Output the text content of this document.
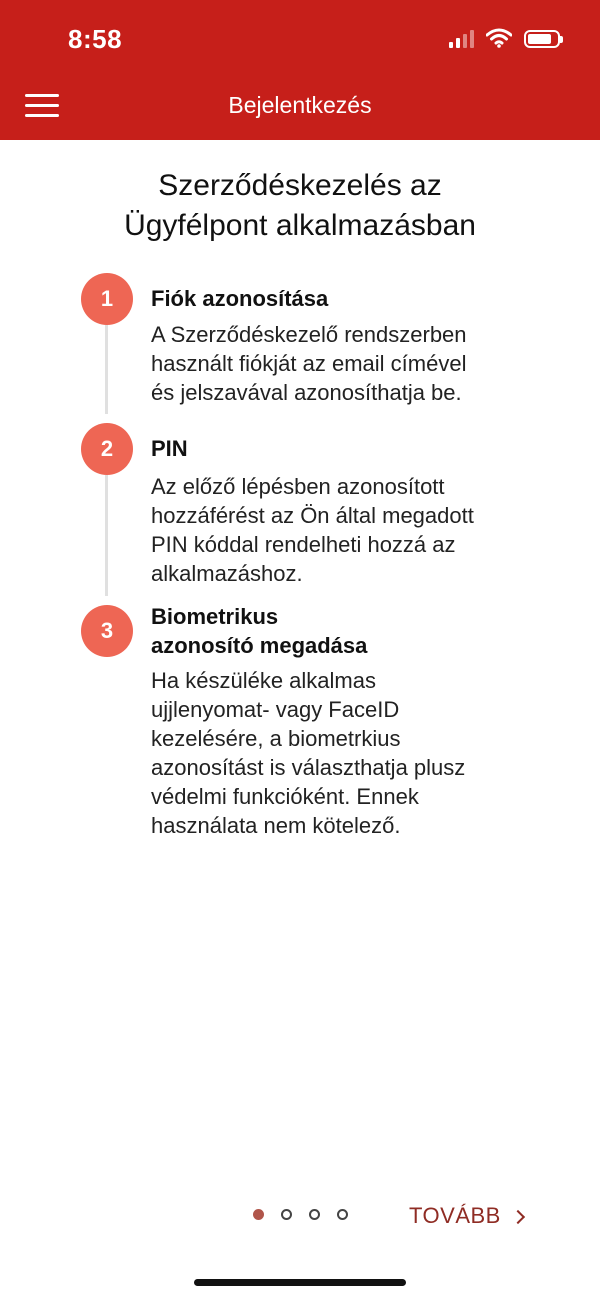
8:58
Bejelentkezés
Szerződéskezelés az
Ügyfélpont alkalmazásban
1	Fiók azonosítása
A Szerződéskezelő rendszerben
használt fiókját az email címével
és jelszavával azonosíthatja be.
2	PIN
Az előző lépésben azonosított
hozzáférést az Ön által megadott
PIN kóddal rendelheti hozzá az
alkalmazáshoz.
3
Biometrikus
azonosító megadása
Ha készüléke alkalmas
ujjlenyomat- vagy FaceID
kezelésére, a biometrkius
azonosítást is választhatja plusz
védelmi funkcióként. Ennek
használata nem kötelező.
TOVÁBB
